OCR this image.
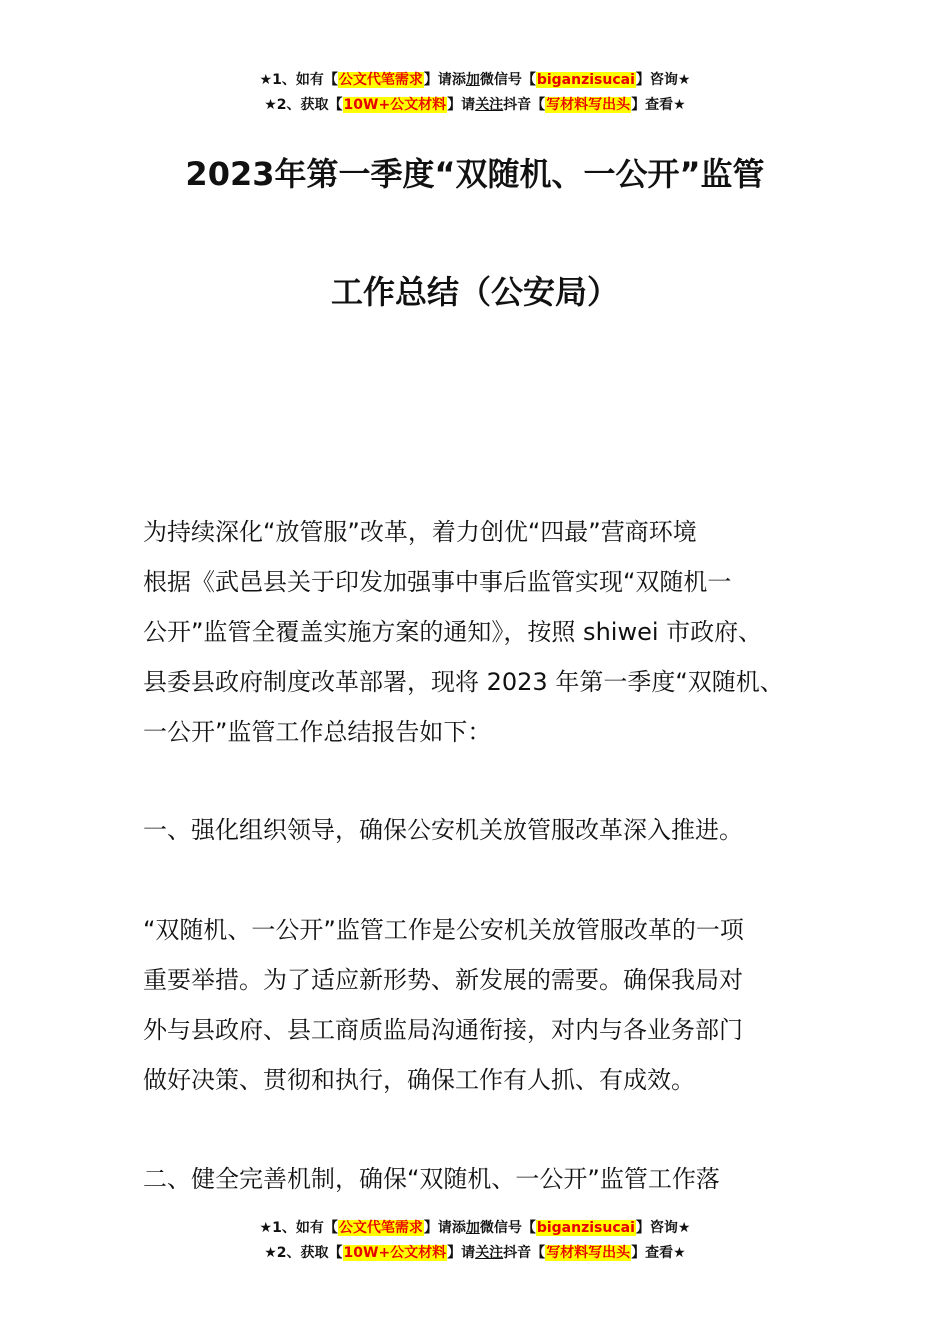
★1、如有【公文代笔需求】请添加微信号【biganzisucai】咨询★
★2、获取【10W+公文材料】请关注抖音【写材料写出头】查看★
2023年第一季度“双随机、一公开”监管
工作总结（公安局）
为持续深化“放管服”改革，着力创优“四最”营商环境
根据《武邑县关于印发加强事中事后监管实现“双随机一
公开”监管全覆盖实施方案的通知》，按照 shiwei 市政府、
县委县政府制度改革部署，现将 2023 年第一季度“双随机、
一公开”监管工作总结报告如下：
一、强化组织领导，确保公安机关放管服改革深入推进。
“双随机、一公开”监管工作是公安机关放管服改革的一项
重要举措。为了适应新形势、新发展的需要。确保我局对
外与县政府、县工商质监局沟通衔接，对内与各业务部门
做好决策、贯彻和执行，确保工作有人抓、有成效。
二、健全完善机制，确保“双随机、一公开”监管工作落
★1、如有【公文代笔需求】请添加微信号【biganzisucai】咨询★
★2、获取【10W+公文材料】请关注抖音【写材料写出头】查看★
